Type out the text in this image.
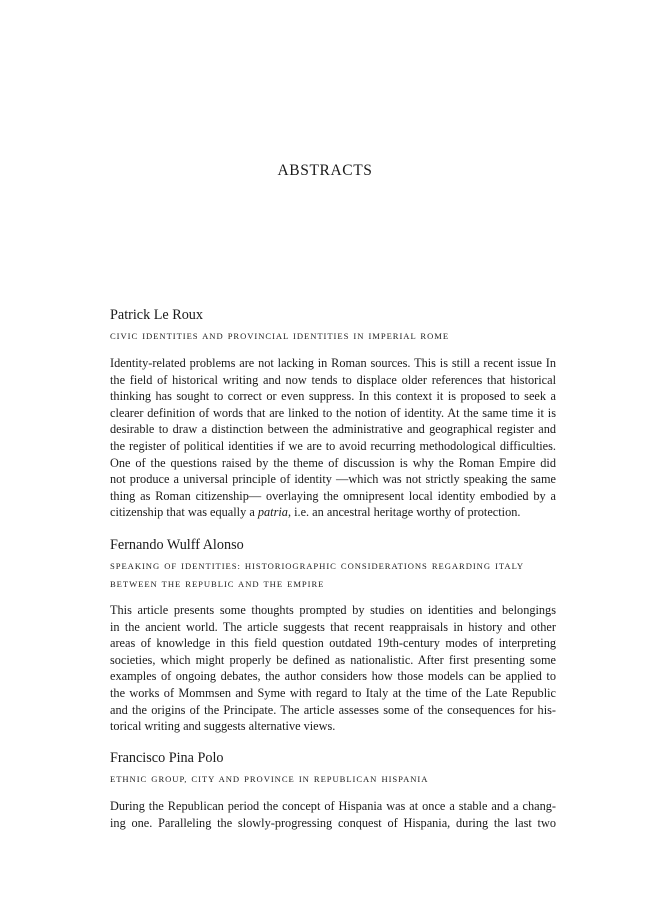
ABSTRACTS

Patrick Le Roux

CIVIC IDENTITIES AND PROVINCIAL IDENTITIES IN IMPERIAL ROME
Identity-related problems are not lacking in Roman sources. This is still a recent issue In
the field of historical writing and now tends to displace older references that historical
thinking has sought to correct or even suppress. In this context it is proposed to seek a
clearer definition of words that are linked to the notion of identity. At the same time it is
desirable to draw a distinction between the administrative and geographical register and
the register of political identities if we are to avoid recurring methodological difficulties.
One of the questions raised by the theme of discussion is why the Roman Empire did
not produce a universal principle of identity —which was not strictly speaking the same
thing as Roman citizenship— overlaying the omnipresent local identity embodied by a
citizenship that was equally a patria, i.e. an ancestral heritage worthy of protection.

Fernando Wulff Alonso

SPEAKING OF IDENTITIES: HISTORIOGRAPHIC CONSIDERATIONS REGARDING ITALY
BETWEEN THE REPUBLIC AND THE EMPIRE
This article presents some thoughts prompted by studies on identities and belongings
in the ancient world. The article suggests that recent reappraisals in history and other
areas of knowledge in this field question outdated 19th-century modes of interpreting
societies, which might properly be defined as nationalistic. After first presenting some
examples of ongoing debates, the author considers how those models can be applied to
the works of Mommsen and Syme with regard to Italy at the time of the Late Republic
and the origins of the Principate. The article assesses some of the consequences for his-
torical writing and suggests alternative views.

Francisco Pina Polo

ETHNIC GROUP, CITY AND PROVINCE IN REPUBLICAN HISPANIA
During the Republican period the concept of Hispania was at once a stable and a chang-
ing one. Paralleling the slowly-progressing conquest of Hispania, during the last two
